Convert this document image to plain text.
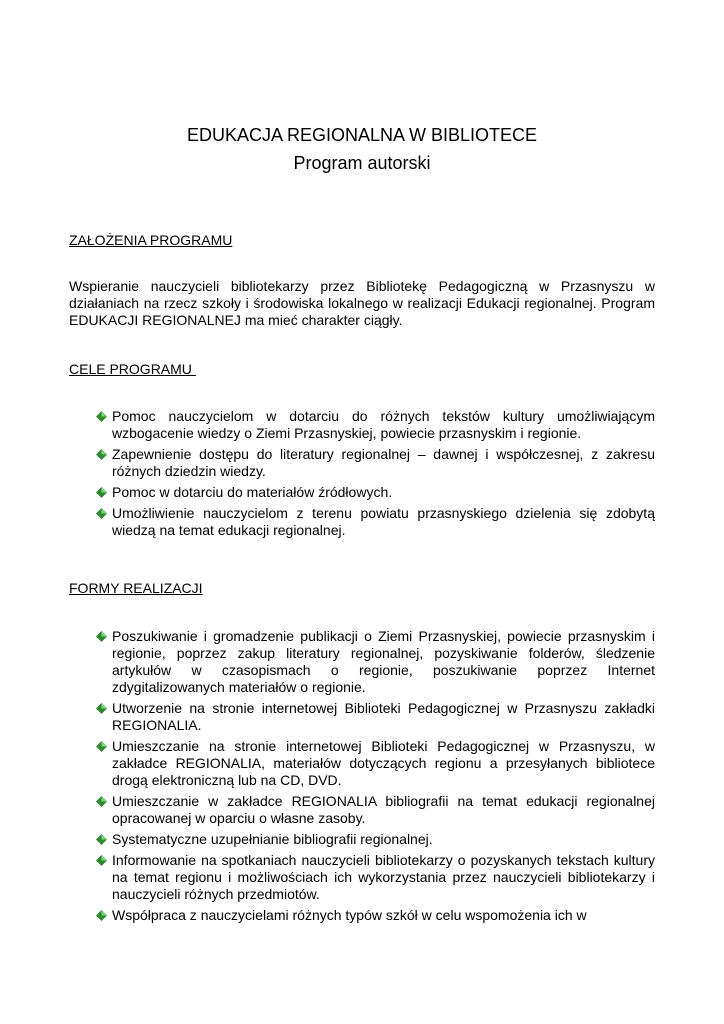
EDUKACJA REGIONALNA W BIBLIOTECE
Program autorski
ZAŁOŻENIA PROGRAMU
Wspieranie nauczycieli bibliotekarzy przez Bibliotekę Pedagogiczną w Przasnyszu w działaniach na rzecz szkoły i środowiska lokalnego w realizacji Edukacji regionalnej. Program EDUKACJI REGIONALNEJ ma mieć charakter ciągły.
CELE PROGRAMU
Pomoc nauczycielom w dotarciu do różnych tekstów kultury umożliwiającym wzbogacenie wiedzy o Ziemi Przasnyskiej, powiecie przasnyskim i regionie.
Zapewnienie dostępu do literatury regionalnej – dawnej i współczesnej, z zakresu różnych dziedzin wiedzy.
Pomoc w dotarciu do materiałów źródłowych.
Umożliwienie nauczycielom z terenu powiatu przasnyskiego dzielenia się zdobytą wiedzą na temat edukacji regionalnej.
FORMY REALIZACJI
Poszukiwanie i gromadzenie publikacji o Ziemi Przasnyskiej, powiecie przasnyskim i regionie, poprzez zakup literatury regionalnej, pozyskiwanie folderów, śledzenie artykułów w czasopismach o regionie, poszukiwanie poprzez Internet zdygitalizowanych materiałów o regionie.
Utworzenie na stronie internetowej Biblioteki Pedagogicznej w Przasnyszu zakładki REGIONALIA.
Umieszczanie na stronie internetowej Biblioteki Pedagogicznej w Przasnyszu, w zakładce REGIONALIA, materiałów dotyczących regionu a przesyłanych bibliotece drogą elektroniczną lub na CD, DVD.
Umieszczanie w zakładce REGIONALIA bibliografii na temat edukacji regionalnej opracowanej w oparciu o własne zasoby.
Systematyczne uzupełnianie bibliografii regionalnej.
Informowanie na spotkaniach nauczycieli bibliotekarzy o pozyskanych tekstach kultury na temat regionu i możliwościach ich wykorzystania przez nauczycieli bibliotekarzy i nauczycieli różnych przedmiotów.
Współpraca z nauczycielami różnych typów szkół w celu wspomożenia ich w
